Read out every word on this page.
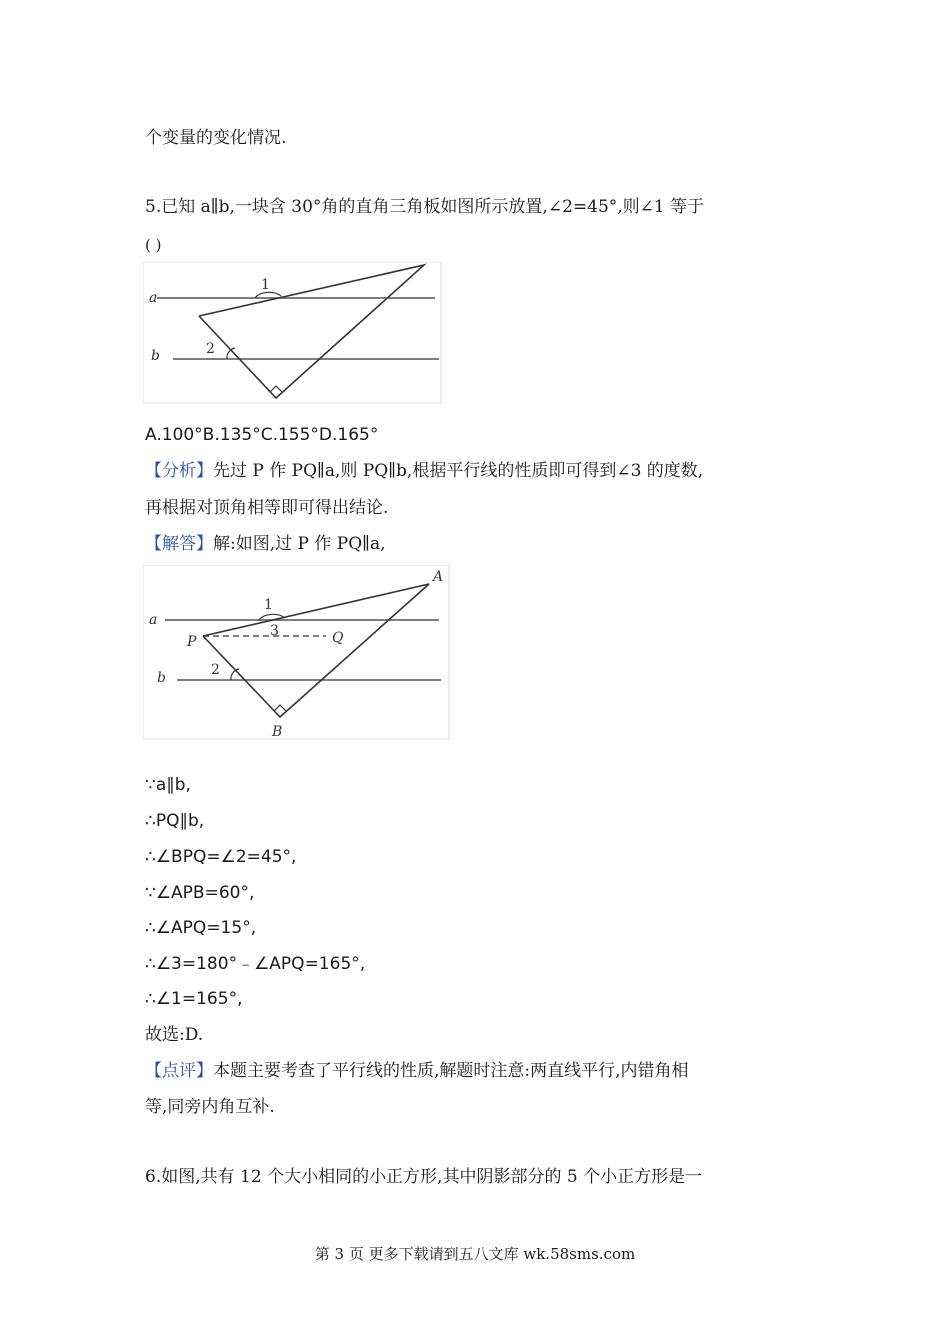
个变量的变化情况.
5.已知 a∥b,一块含 30°角的直角三角板如图所示放置,∠2=45°,则∠1 等于
( )
a
b
1
2
A.100°B.135°C.155°D.165°
【分析】先过 P 作 PQ∥a,则 PQ∥b,根据平行线的性质即可得到∠3 的度数,
再根据对顶角相等即可得出结论.
【解答】解:如图,过 P 作 PQ∥a,
a
b
1
3
2
A
P	Q
B
∵a∥b,
∴PQ∥b,
∴∠BPQ=∠2=45°,
∵∠APB=60°,
∴∠APQ=15°,
∴∠3=180°﹣∠APQ=165°,
∴∠1=165°,
故选:D.
【点评】本题主要考查了平行线的性质,解题时注意:两直线平行,内错角相
等,同旁内角互补.
6.如图,共有 12 个大小相同的小正方形,其中阴影部分的 5 个小正方形是一
第 3 页 更多下载请到五八文库 wk.58sms.com
